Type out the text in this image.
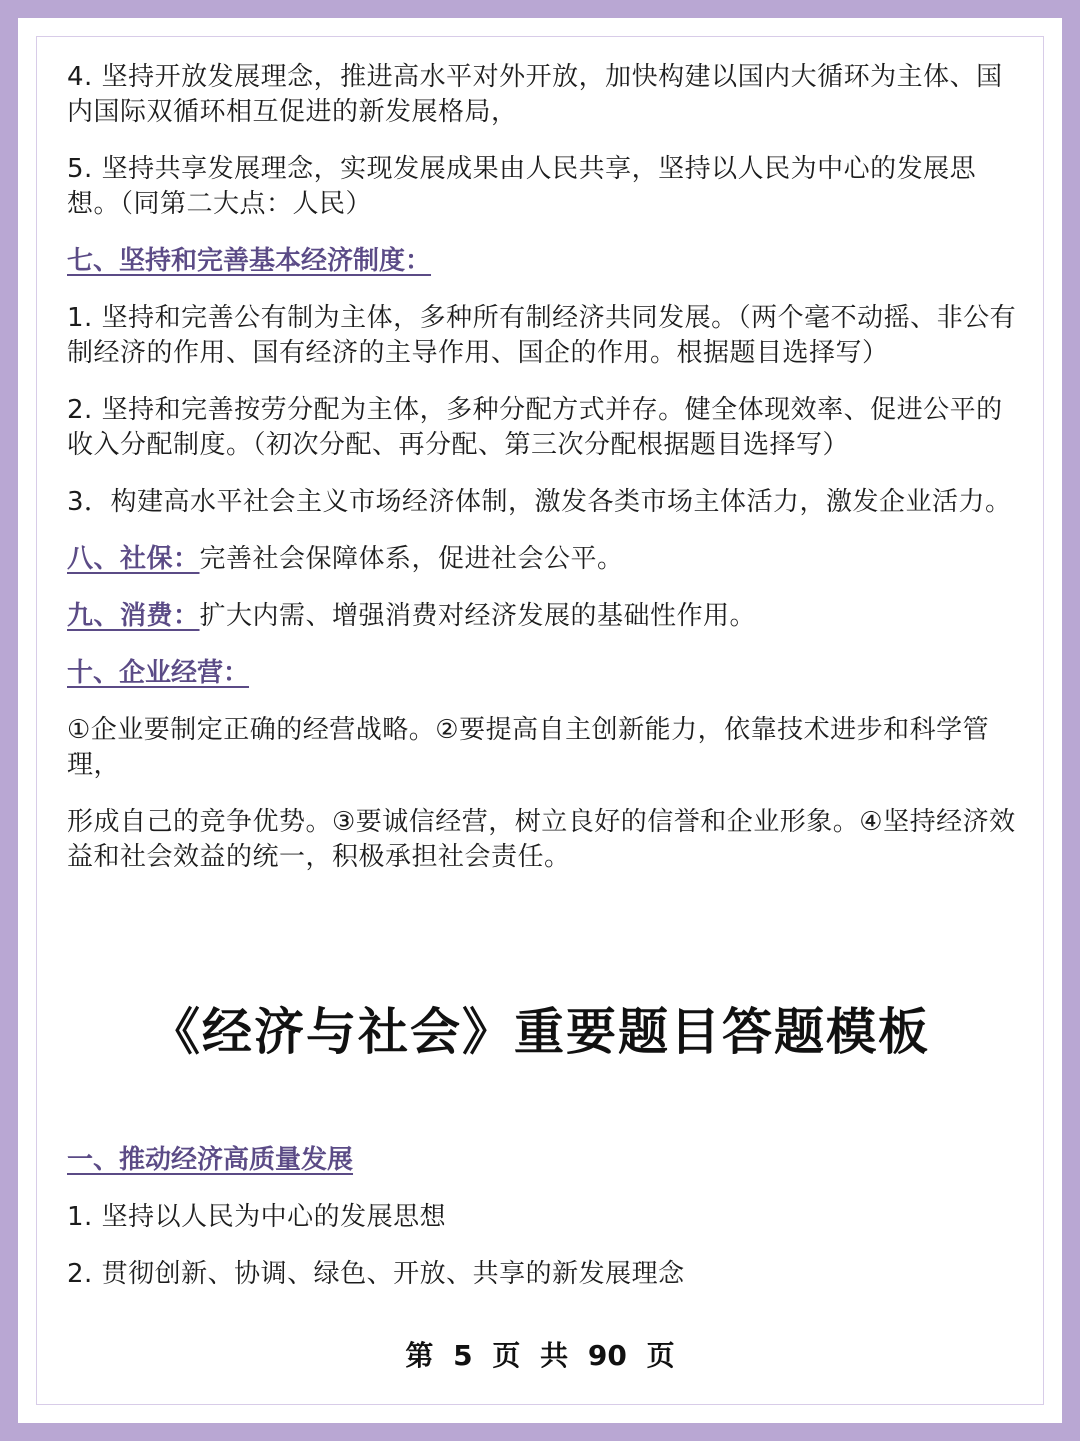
4. 坚持开放发展理念，推进高水平对外开放，加快构建以国内大循环为主体、国内国际双循环相互促进的新发展格局，

5. 坚持共享发展理念，实现发展成果由人民共享，坚持以人民为中心的发展思想。（同第二大点：人民）

七、坚持和完善基本经济制度：

1. 坚持和完善公有制为主体，多种所有制经济共同发展。（两个毫不动摇、非公有制经济的作用、国有经济的主导作用、国企的作用。根据题目选择写）

2. 坚持和完善按劳分配为主体，多种分配方式并存。健全体现效率、促进公平的收入分配制度。（初次分配、再分配、第三次分配根据题目选择写）

3．构建高水平社会主义市场经济体制，激发各类市场主体活力，激发企业活力。

八、社保：完善社会保障体系，促进社会公平。

九、消费：扩大内需、增强消费对经济发展的基础性作用。

十、企业经营：

①企业要制定正确的经营战略。②要提高自主创新能力，依靠技术进步和科学管理，

形成自己的竞争优势。③要诚信经营，树立良好的信誉和企业形象。④坚持经济效益和社会效益的统一，积极承担社会责任。

《经济与社会》重要题目答题模板
一、推动经济高质量发展

1. 坚持以人民为中心的发展思想

2. 贯彻创新、协调、绿色、开放、共享的新发展理念

第 5 页 共 90 页
